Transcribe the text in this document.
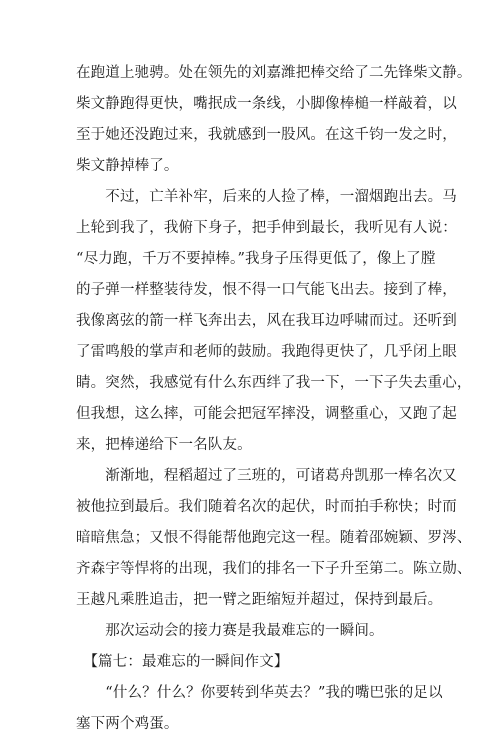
在跑道上驰骋。处在领先的刘嘉潍把棒交给了二先锋柴文静。

柴文静跑得更快，嘴抿成一条线，小脚像棒槌一样敲着，以

至于她还没跑过来，我就感到一股风。在这千钧一发之时，

柴文静掉棒了。

　　不过，亡羊补牢，后来的人捡了棒，一溜烟跑出去。马

上轮到我了，我俯下身子，把手伸到最长，我听见有人说：

“尽力跑，千万不要掉棒。”我身子压得更低了，像上了膛

的子弹一样整装待发，恨不得一口气能飞出去。接到了棒，

我像离弦的箭一样飞奔出去，风在我耳边呼啸而过。还听到

了雷鸣般的掌声和老师的鼓励。我跑得更快了，几乎闭上眼

睛。突然，我感觉有什么东西绊了我一下，一下子失去重心，

但我想，这么摔，可能会把冠军摔没，调整重心，又跑了起

来，把棒递给下一名队友。

　　渐渐地，程稻超过了三班的，可诸葛舟凯那一棒名次又

被他拉到最后。我们随着名次的起伏，时而拍手称快；时而

暗暗焦急；又恨不得能帮他跑完这一程。随着邵婉颖、罗涔、

齐森宇等悍将的出现，我们的排名一下子升至第二。陈立勋、

王越凡乘胜追击，把一臂之距缩短并超过，保持到最后。

　　那次运动会的接力赛是我最难忘的一瞬间。

　【篇七：最难忘的一瞬间作文】

　　“什么？什么？你要转到华英去？”我的嘴巴张的足以

塞下两个鸡蛋。
